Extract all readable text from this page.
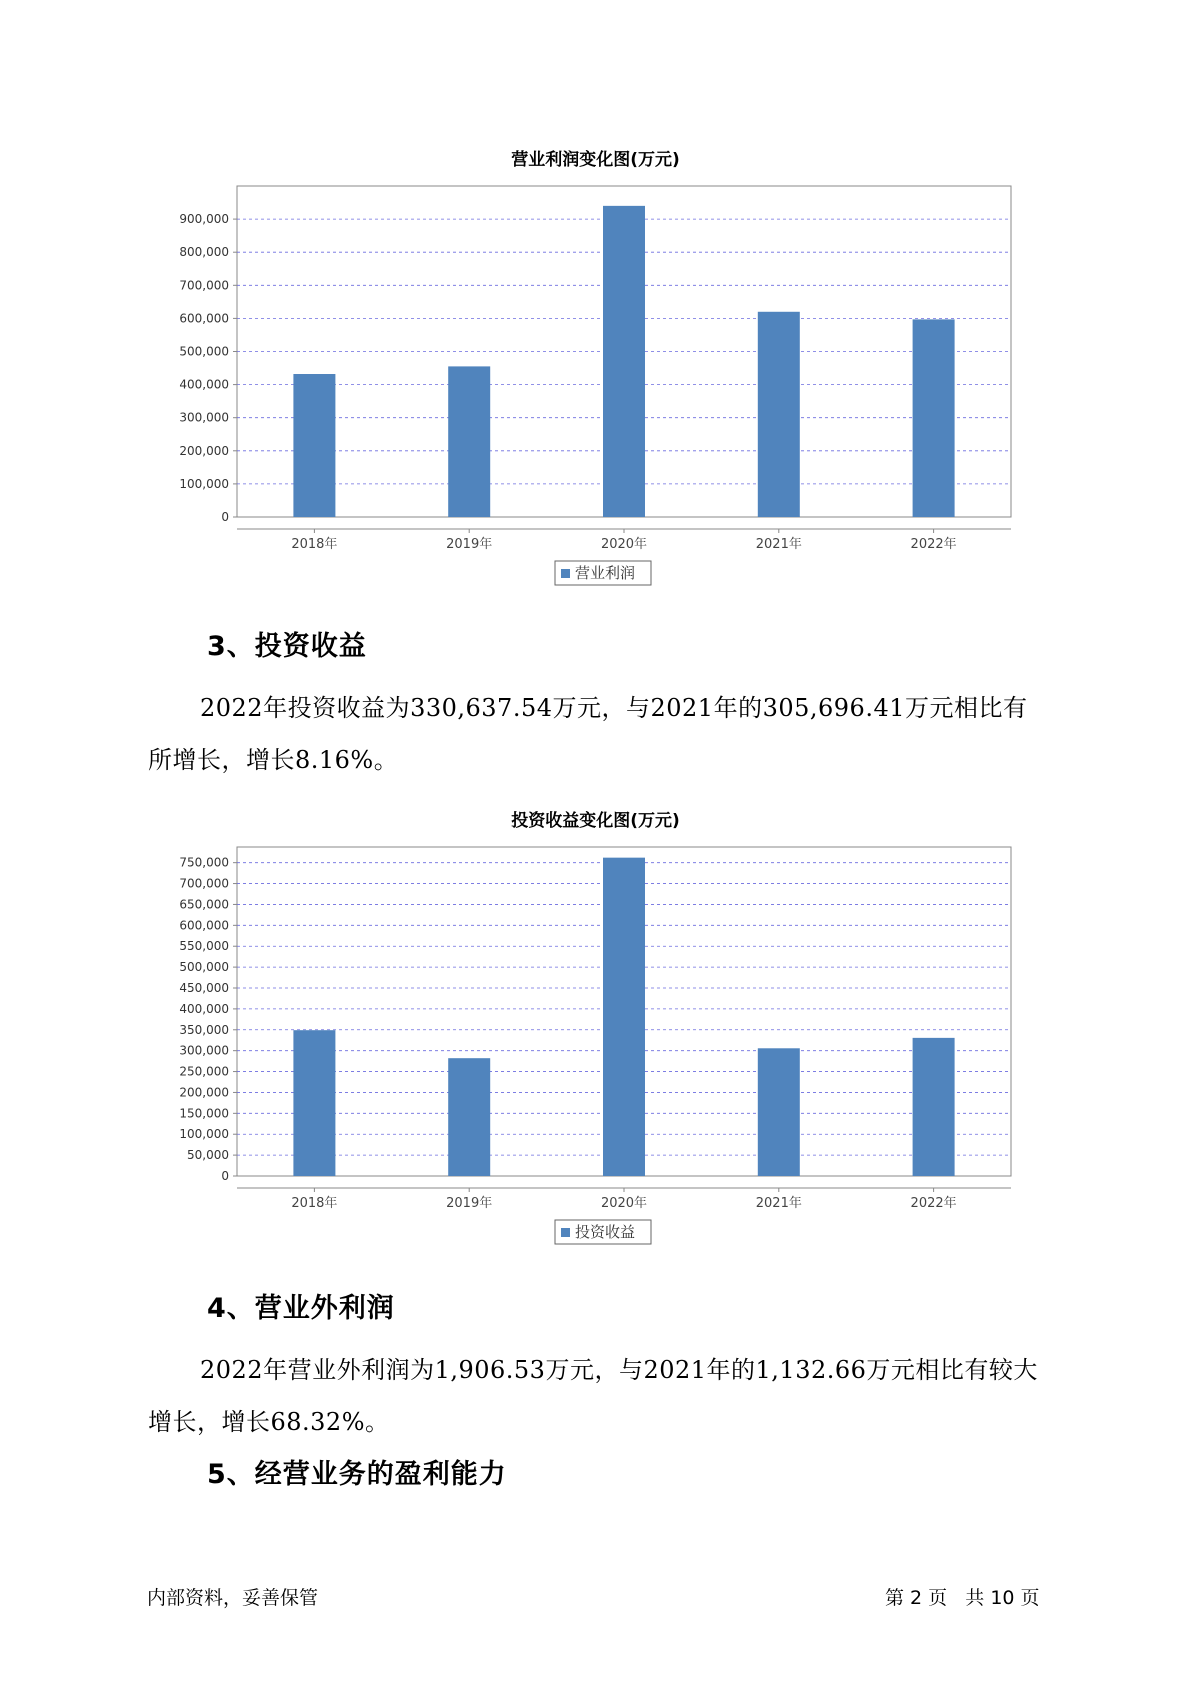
营业利润变化图(万元)
0
100,000
200,000
300,000
400,000
500,000
600,000
700,000
800,000
900,000
2018年	2019年	2020年	2021年	2022年
营业利润
3、投资收益
2022年投资收益为330,637.54万元，与2021年的305,696.41万元相比有所增长，增长8.16%。
投资收益变化图(万元)
0
50,000
100,000
150,000
200,000
250,000
300,000
350,000
400,000
450,000
500,000
550,000
600,000
650,000
700,000
750,000
2018年	2019年	2020年	2021年	2022年
投资收益
4、营业外利润
2022年营业外利润为1,906.53万元，与2021年的1,132.66万元相比有较大增长，增长68.32%。
5、经营业务的盈利能力
内部资料，妥善保管	第 2 页   共 10 页
